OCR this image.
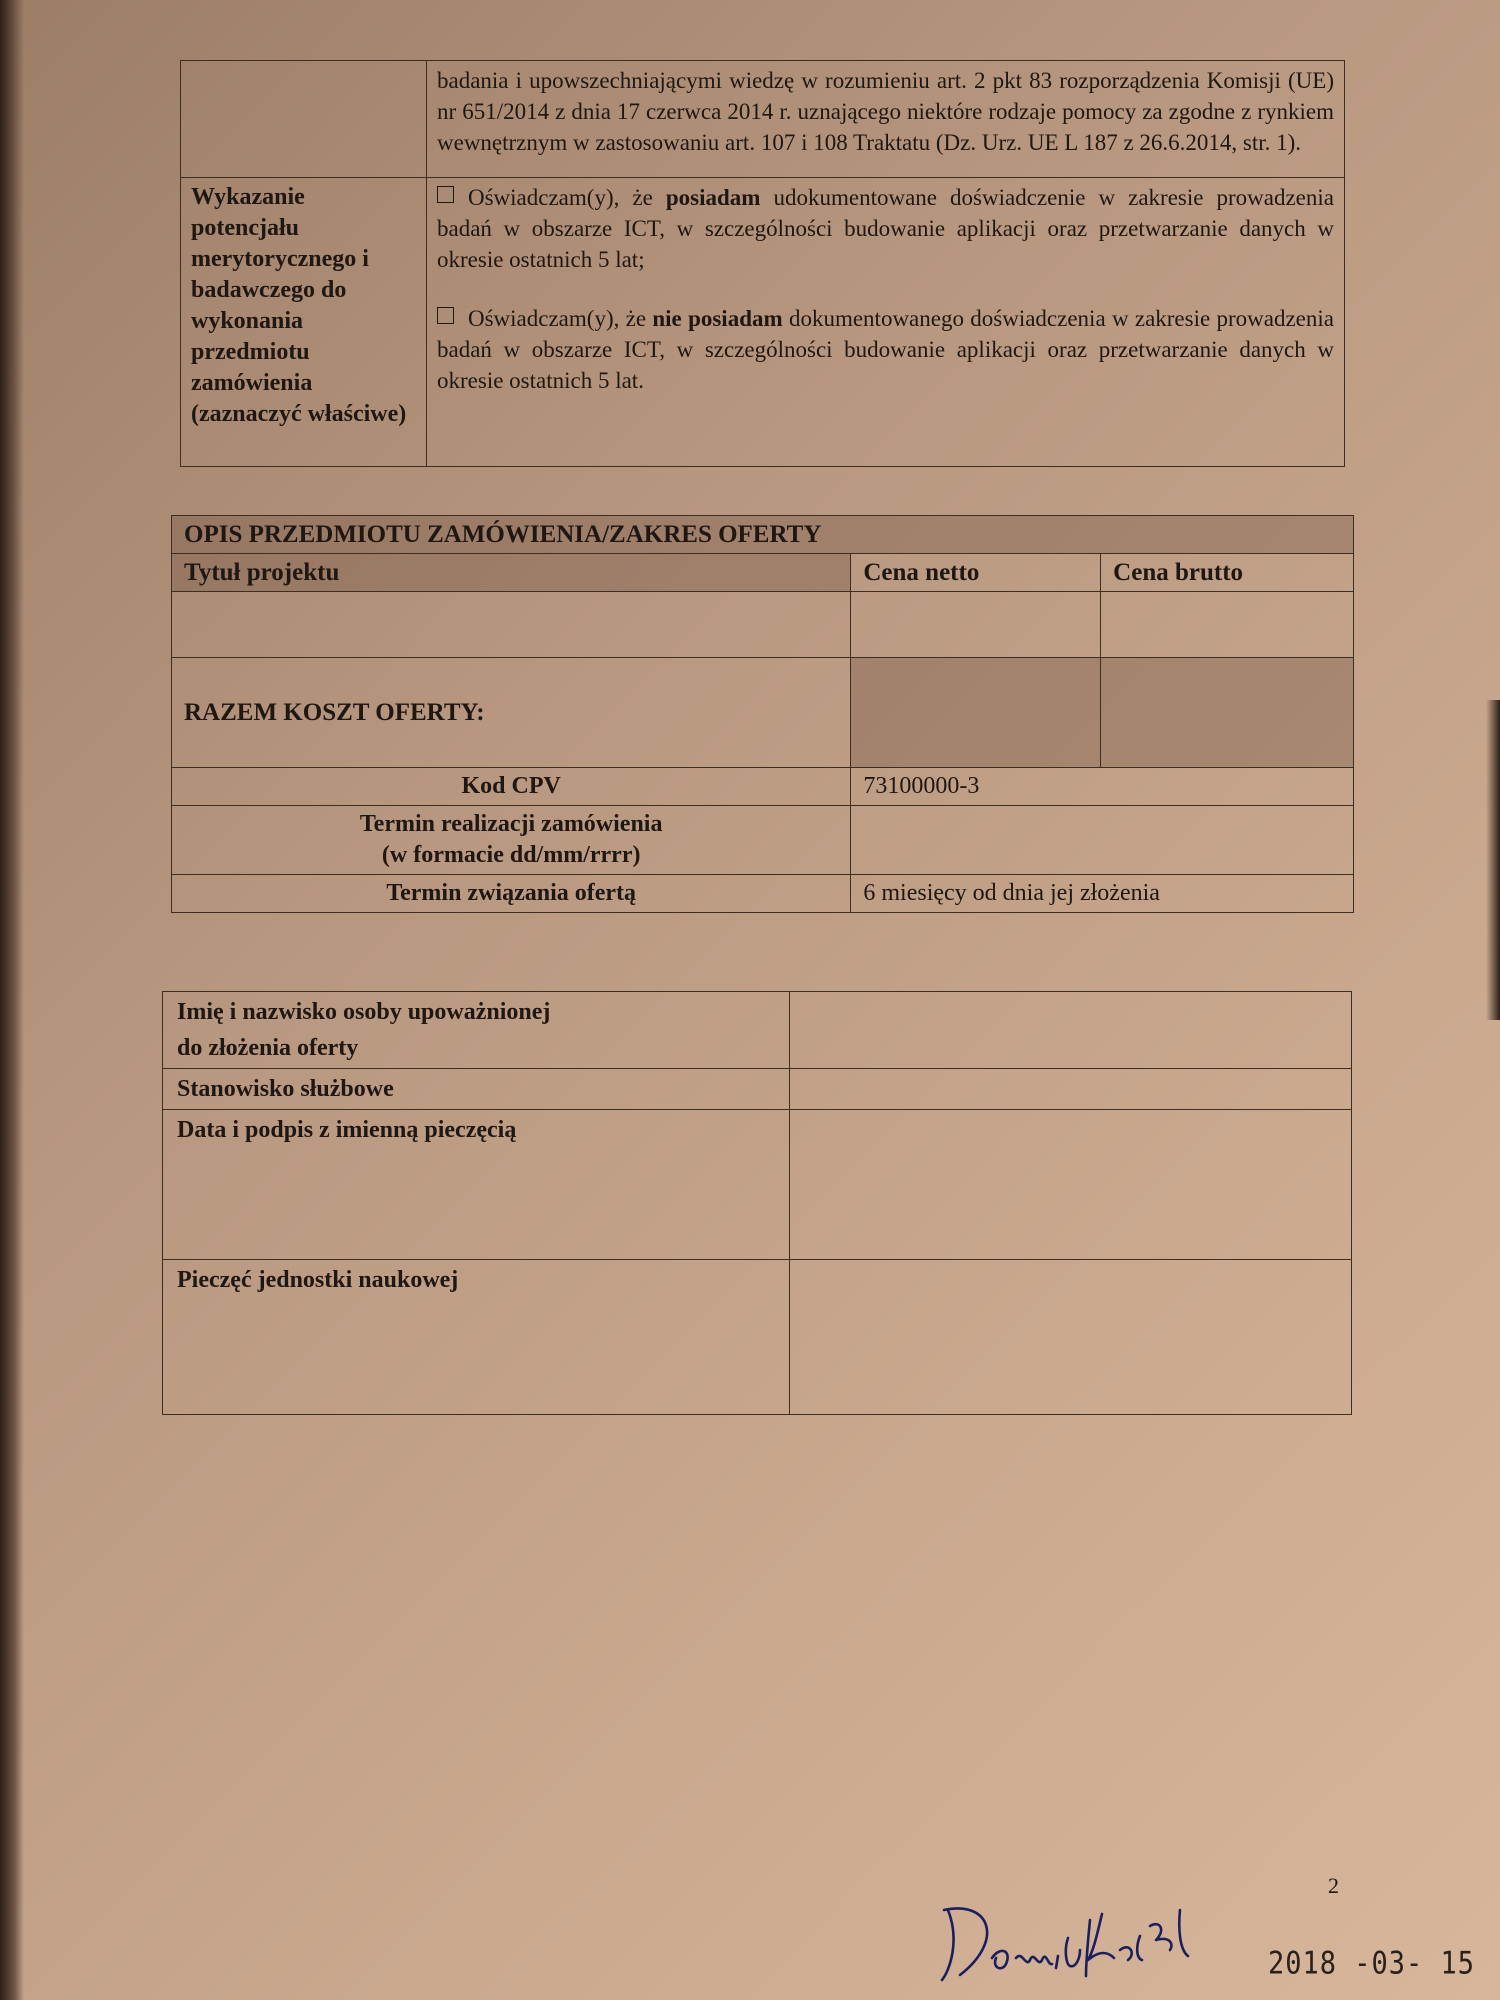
	badania i upowszechniającymi wiedzę w rozumieniu art. 2 pkt 83 rozporządzenia Komisji (UE) nr 651/2014 z dnia 17 czerwca 2014 r. uznającego niektóre rodzaje pomocy za zgodne z rynkiem wewnętrznym w zastosowaniu art. 107 i 108 Traktatu (Dz. Urz. UE L 187 z 26.6.2014, str. 1).
Wykazanie potencjału merytorycznego i badawczego do wykonania przedmiotu zamówienia (zaznaczyć właściwe)	Oświadczam(y), że posiadam udokumentowane doświadczenie w zakresie prowadzenia badań w obszarze ICT, w szczególności budowanie aplikacji oraz przetwarzanie danych w okresie ostatnich 5 lat;
Oświadczam(y), że nie posiadam dokumentowanego doświadczenia w zakresie prowadzenia badań w obszarze ICT, w szczególności budowanie aplikacji oraz przetwarzanie danych w okresie ostatnich 5 lat.
OPIS PRZEDMIOTU ZAMÓWIENIA/ZAKRES OFERTY		
Tytuł projektu	Cena netto	Cena brutto

RAZEM KOSZT OFERTY:		
Kod CPV	73100000-3	

Termin realizacji zamówienia
(w formacie dd/mm/rrrr)		

Termin związania ofertą	6 miesięcy od dnia jej złożenia	
Imię i nazwisko osoby upoważnionej
do złożenia oferty	

Stanowisko służbowe	
Data i podpis z imienną pieczęcią	
Pieczęć jednostki naukowej	
2
2018 -03- 15
